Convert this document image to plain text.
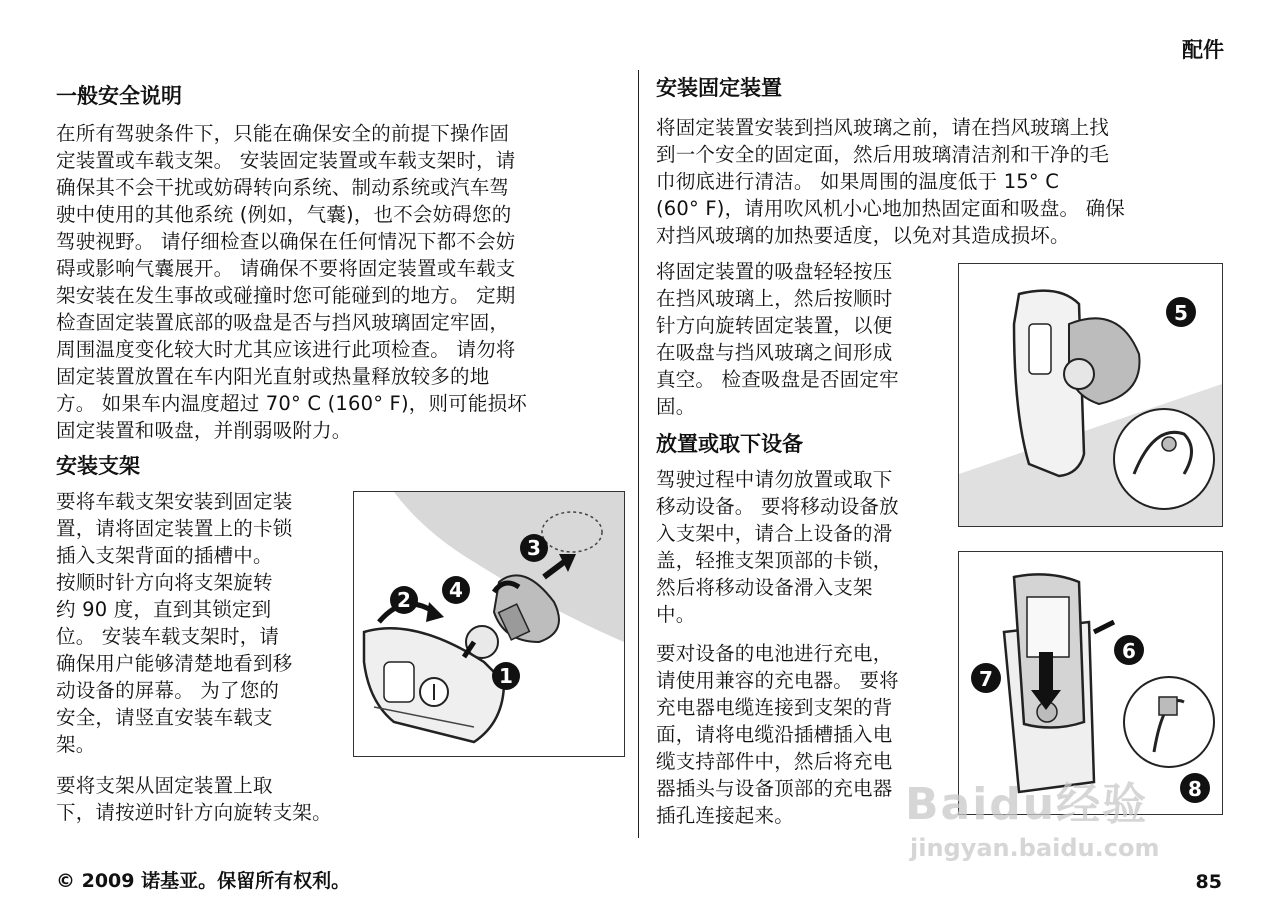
配件
一般安全说明

在所有驾驶条件下，只能在确保安全的前提下操作固
定装置或车载支架。 安装固定装置或车载支架时，请
确保其不会干扰或妨碍转向系统、制动系统或汽车驾
驶中使用的其他系统 (例如，气囊)，也不会妨碍您的
驾驶视野。 请仔细检查以确保在任何情况下都不会妨
碍或影响气囊展开。 请确保不要将固定装置或车载支
架安装在发生事故或碰撞时您可能碰到的地方。 定期
检查固定装置底部的吸盘是否与挡风玻璃固定牢固，
周围温度变化较大时尤其应该进行此项检查。 请勿将
固定装置放置在车内阳光直射或热量释放较多的地
方。 如果车内温度超过 70° C (160° F)，则可能损坏
固定装置和吸盘，并削弱吸附力。

安装支架

要将车载支架安装到固定装
置，请将固定装置上的卡锁
插入支架背面的插槽中。
按顺时针方向将支架旋转
约 90 度，直到其锁定到
位。 安装车载支架时，请
确保用户能够清楚地看到移
动设备的屏幕。 为了您的
安全，请竖直安装车载支
架。

要将支架从固定装置上取
下，请按逆时针方向旋转支架。

2 4
3
1
安装固定装置

将固定装置安装到挡风玻璃之前，请在挡风玻璃上找
到一个安全的固定面，然后用玻璃清洁剂和干净的毛
巾彻底进行清洁。 如果周围的温度低于 15° C
(60° F)，请用吹风机小心地加热固定面和吸盘。 确保
对挡风玻璃的加热要适度，以免对其造成损坏。

将固定装置的吸盘轻轻按压
在挡风玻璃上，然后按顺时
针方向旋转固定装置，以便
在吸盘与挡风玻璃之间形成
真空。 检查吸盘是否固定牢
固。

放置或取下设备

驾驶过程中请勿放置或取下
移动设备。 要将移动设备放
入支架中，请合上设备的滑
盖，轻推支架顶部的卡锁，
然后将移动设备滑入支架
中。

要对设备的电池进行充电，
请使用兼容的充电器。 要将
充电器电缆连接到支架的背
面，请将电缆沿插槽插入电
缆支持部件中，然后将充电
器插头与设备顶部的充电器
插孔连接起来。

5
6
7
8
Baidu经验
jingyan.baidu.com
© 2009 诺基亚。保留所有权利。	85
